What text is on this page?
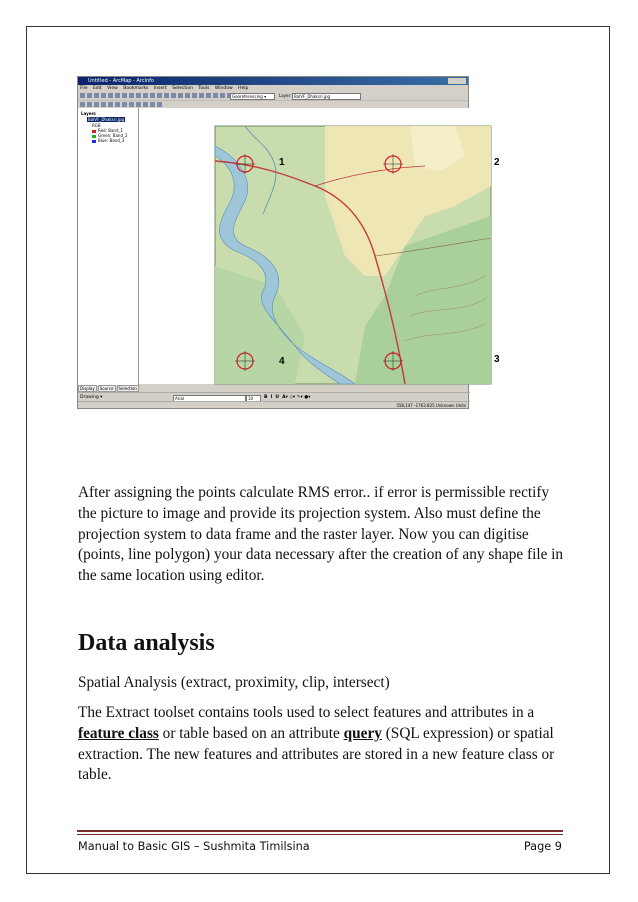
Untitled - ArcMap - ArcInfo
File Edit View Bookmarks Insert Selection Tools Window Help
Georeferencing ▾	Layer: BalVF_Dhaksri.jpg
Layers
BalVF_Dhaksri.jpg
RGB
Red: Band_1
Green: Band_2
Blue: Band_3
Display Source Selection
1	2
3
4
Drawing ▾	Arial	10	B  I  U  A▾ ◇▾ ✎▾ ●▾
558,147 -1763.825 Unknown Units

After assigning the points calculate RMS error.. if error is permissible rectify the picture to image and provide its projection system. Also must define the projection system to data frame and the raster layer. Now you can digitise (points, line polygon) your data necessary after the creation of any shape file in the same location using editor.

Data analysis

Spatial Analysis (extract, proximity, clip, intersect)

The Extract toolset contains tools used to select features and attributes in a feature class or table based on an attribute query (SQL expression) or spatial extraction. The new features and attributes are stored in a new feature class or table.

Manual to Basic GIS – Sushmita Timilsina	Page 9
